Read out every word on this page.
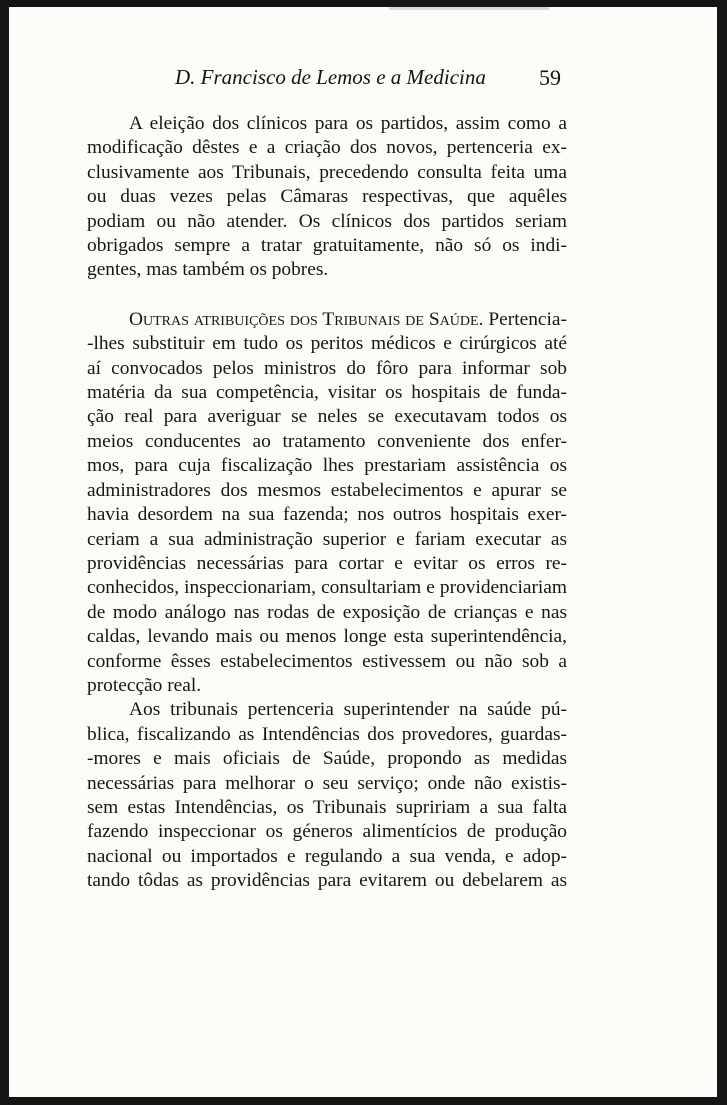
D. Francisco de Lemos e a Medicina 59
A eleição dos clínicos para os partidos, assim como a
modificação dêstes e a criação dos novos, pertenceria ex-
clusivamente aos Tribunais, precedendo consulta feita uma
ou duas vezes pelas Câmaras respectivas, que aquêles
podiam ou não atender. Os clínicos dos partidos seriam
obrigados sempre a tratar gratuitamente, não só os indi-
gentes, mas também os pobres.
Outras atribuições dos Tribunais de Saúde. Pertencia-
-lhes substituir em tudo os peritos médicos e cirúrgicos até
aí convocados pelos ministros do fôro para informar sob
matéria da sua competência, visitar os hospitais de funda-
ção real para averiguar se neles se executavam todos os
meios conducentes ao tratamento conveniente dos enfer-
mos, para cuja fiscalização lhes prestariam assistência os
administradores dos mesmos estabelecimentos e apurar se
havia desordem na sua fazenda; nos outros hospitais exer-
ceriam a sua administração superior e fariam executar as
providências necessárias para cortar e evitar os erros re-
conhecidos, inspeccionariam, consultariam e providenciariam
de modo análogo nas rodas de exposição de crianças e nas
caldas, levando mais ou menos longe esta superintendência,
conforme êsses estabelecimentos estivessem ou não sob a
protecção real.
Aos tribunais pertenceria superintender na saúde pú-
blica, fiscalizando as Intendências dos provedores, guardas-
-mores e mais oficiais de Saúde, propondo as medidas
necessárias para melhorar o seu serviço; onde não existis-
sem estas Intendências, os Tribunais supririam a sua falta
fazendo inspeccionar os géneros alimentícios de produção
nacional ou importados e regulando a sua venda, e adop-
tando tôdas as providências para evitarem ou debelarem as
